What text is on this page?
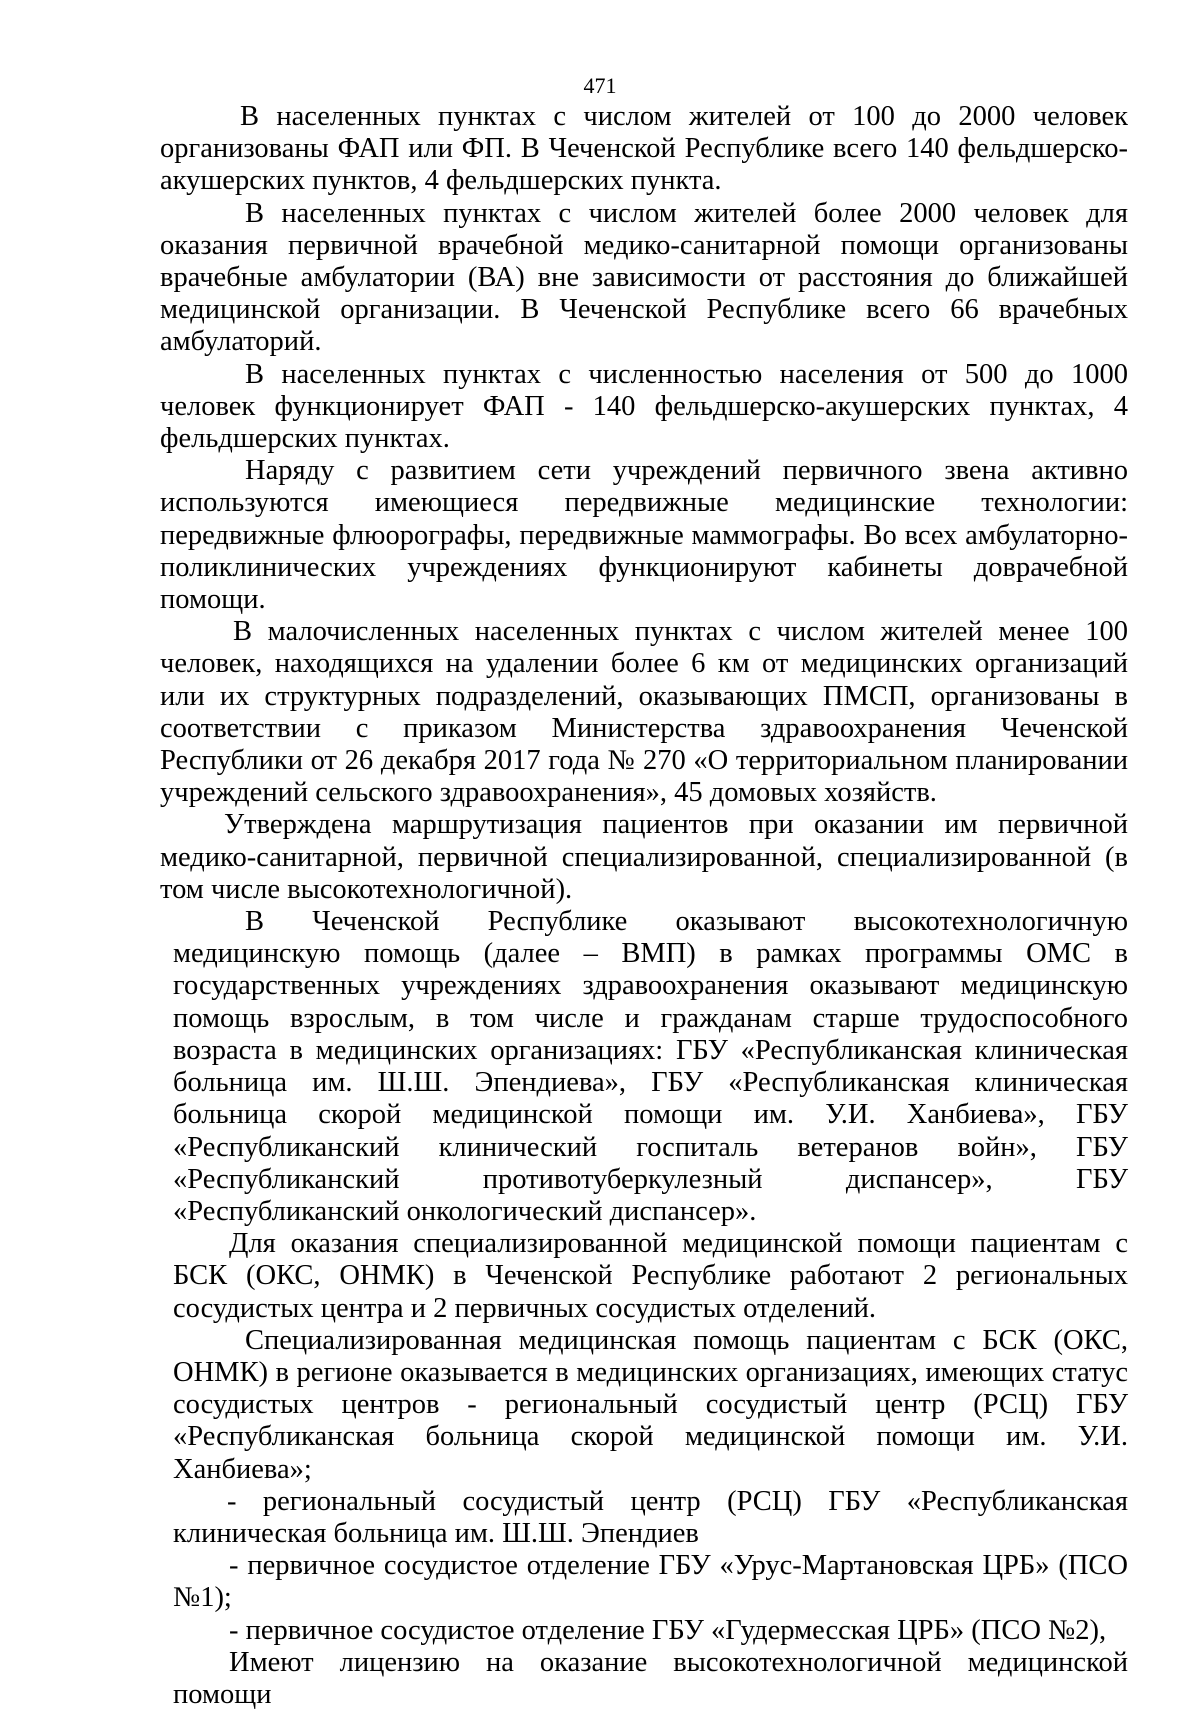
471

В населенных пунктах с числом жителей от 100 до 2000 человек организованы ФАП или ФП. В Чеченской Республике всего 140 фельдшерско-акушерских пунктов, 4 фельдшерских пункта.

В населенных пунктах с числом жителей более 2000 человек для оказания первичной врачебной медико-санитарной помощи организованы врачебные амбулатории (ВА) вне зависимости от расстояния до ближайшей медицинской организации. В Чеченской Республике всего 66 врачебных амбулаторий.

В населенных пунктах с численностью населения от 500 до 1000 человек функционирует ФАП - 140 фельдшерско-акушерских пунктах, 4 фельдшерских пунктах.

Наряду с развитием сети учреждений первичного звена активно используются имеющиеся передвижные медицинские технологии: передвижные флюорографы, передвижные маммографы. Во всех амбулаторно-поликлинических учреждениях функционируют кабинеты доврачебной помощи.

В малочисленных населенных пунктах с числом жителей менее 100 человек, находящихся на удалении более 6 км от медицинских организаций или их структурных подразделений, оказывающих ПМСП, организованы в соответствии с приказом Министерства здравоохранения Чеченской Республики от 26 декабря 2017 года № 270 «О территориальном планировании учреждений сельского здравоохранения», 45 домовых хозяйств.

Утверждена маршрутизация пациентов при оказании им первичной медико-санитарной, первичной специализированной, специализированной (в том числе высокотехнологичной).

В Чеченской Республике оказывают высокотехнологичную медицинскую помощь (далее – ВМП) в рамках программы ОМС в государственных учреждениях здравоохранения оказывают медицинскую помощь взрослым, в том числе и гражданам старше трудоспособного возраста в медицинских организациях: ГБУ «Республиканская клиническая больница им. Ш.Ш. Эпендиева», ГБУ «Республиканская клиническая больница скорой медицинской помощи им. У.И. Ханбиева», ГБУ «Республиканский клинический госпиталь ветеранов войн», ГБУ «Республиканский противотуберкулезный диспансер», ГБУ «Республиканский онкологический диспансер».

Для оказания специализированной медицинской помощи пациентам с БСК (ОКС, ОНМК) в Чеченской Республике работают 2 региональных сосудистых центра и 2 первичных сосудистых отделений.

Специализированная медицинская помощь пациентам с БСК (ОКС, ОНМК) в регионе оказывается в медицинских организациях, имеющих статус сосудистых центров - региональный сосудистый центр (РСЦ) ГБУ «Республиканская больница скорой медицинской помощи им. У.И. Ханбиева»;

- региональный сосудистый центр (РСЦ) ГБУ «Республиканская клиническая больница им. Ш.Ш. Эпендиев

- первичное сосудистое отделение ГБУ «Урус-Мартановская ЦРБ» (ПСО №1);

- первичное сосудистое отделение ГБУ «Гудермесская ЦРБ» (ПСО №2),

Имеют лицензию на оказание высокотехнологичной медицинской помощи
